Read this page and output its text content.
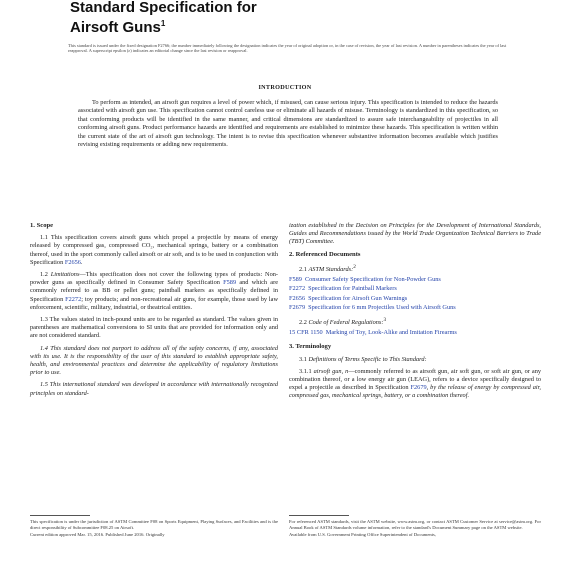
Standard Specification for
Airsoft Guns$^1$
This standard is issued under the fixed designation F2766; the number immediately following the designation indicates the year of original adoption or, in the case of revision, the year of last revision. A number in parentheses indicates the year of last reapproval. A superscript epsilon (ε) indicates an editorial change since the last revision or reapproval.
INTRODUCTION
To perform as intended, an airsoft gun requires a level of power which, if misused, can cause serious injury. This specification is intended to reduce the hazards associated with airsoft gun use. This specification cannot control careless use or eliminate all hazards of misuse. Terminology is standardized in this specification, so that conforming products will be identified in the same manner, and critical dimensions are standardized to assure safe interchangeability of projectiles in all conforming airsoft guns. Product performance hazards are identified and requirements are established to minimize these hazards. This specification is written within the current state of the art of airsoft gun technology. The intent is to revise this specification whenever substantive information becomes available which justifies revising existing requirements or adding new requirements.
1. Scope

1.1 This specification covers airsoft guns which propel a projectile by means of energy released by compressed gas, compressed CO₂, mechanical springs, battery or a combination thereof, used in the sport commonly called airsoft or air soft, and is to be used in conjunction with Specification F2656.

1.2 Limitations—This specification does not cover the following types of products: Non-powder guns as specifically defined in Consumer Safety Specification F589 and which are commonly referred to as BB or pellet guns; paintball markers as specifically defined in Specification F2272; toy products; and non-recreational air guns, for example, those used by law enforcement, scientific, military, industrial, or theatrical entities.

1.3 The values stated in inch-pound units are to be regarded as standard. The values given in parentheses are mathematical conversions to SI units that are provided for information only and are not considered standard.

1.4 This standard does not purport to address all of the safety concerns, if any, associated with its use. It is the responsibility of the user of this standard to establish appropriate safety, health, and environmental practices and determine the applicability of regulatory limitations prior to use.

1.5 This international standard was developed in accordance with internationally recognized principles on standard-

ization established in the Decision on Principles for the Development of International Standards, Guides and Recommendations issued by the World Trade Organization Technical Barriers to Trade (TBT) Committee.

2. Referenced Documents

2.1 ASTM Standards:$^2$

F589 Consumer Safety Specification for Non-Powder Guns
F2272 Specification for Paintball Markers
F2656 Specification for Airsoft Gun Warnings
F2679 Specification for 6 mm Projectiles Used with Airsoft Guns

2.2 Code of Federal Regulations:$^3$

15 CFR 1150 Marking of Toy, Look-Alike and Imitation Firearms
3. Terminology

3.1 Definitions of Terms Specific to This Standard:

3.1.1 airsoft gun, n—commonly referred to as airsoft gun, air soft gun, or soft air gun, or any combination thereof, or a low energy air gun (LEAG), refers to a device specifically designed to expel a projectile as described in Specification F2679, by the release of energy by compressed air, compressed gas, mechanical springs, battery, or a combination thereof.

This specification is under the jurisdiction of ASTM Committee F08 on Sports Equipment, Playing Surfaces, and Facilities and is the direct responsibility of Subcommittee F08.25 on Airsoft.

Current edition approved Mar. 15, 2016. Published June 2016. Originally

For referenced ASTM standards, visit the ASTM website, www.astm.org, or contact ASTM Customer Service at service@astm.org. For Annual Book of ASTM Standards volume information, refer to the standard's Document Summary page on the ASTM website.

Available from U.S. Government Printing Office Superintendent of Documents,
